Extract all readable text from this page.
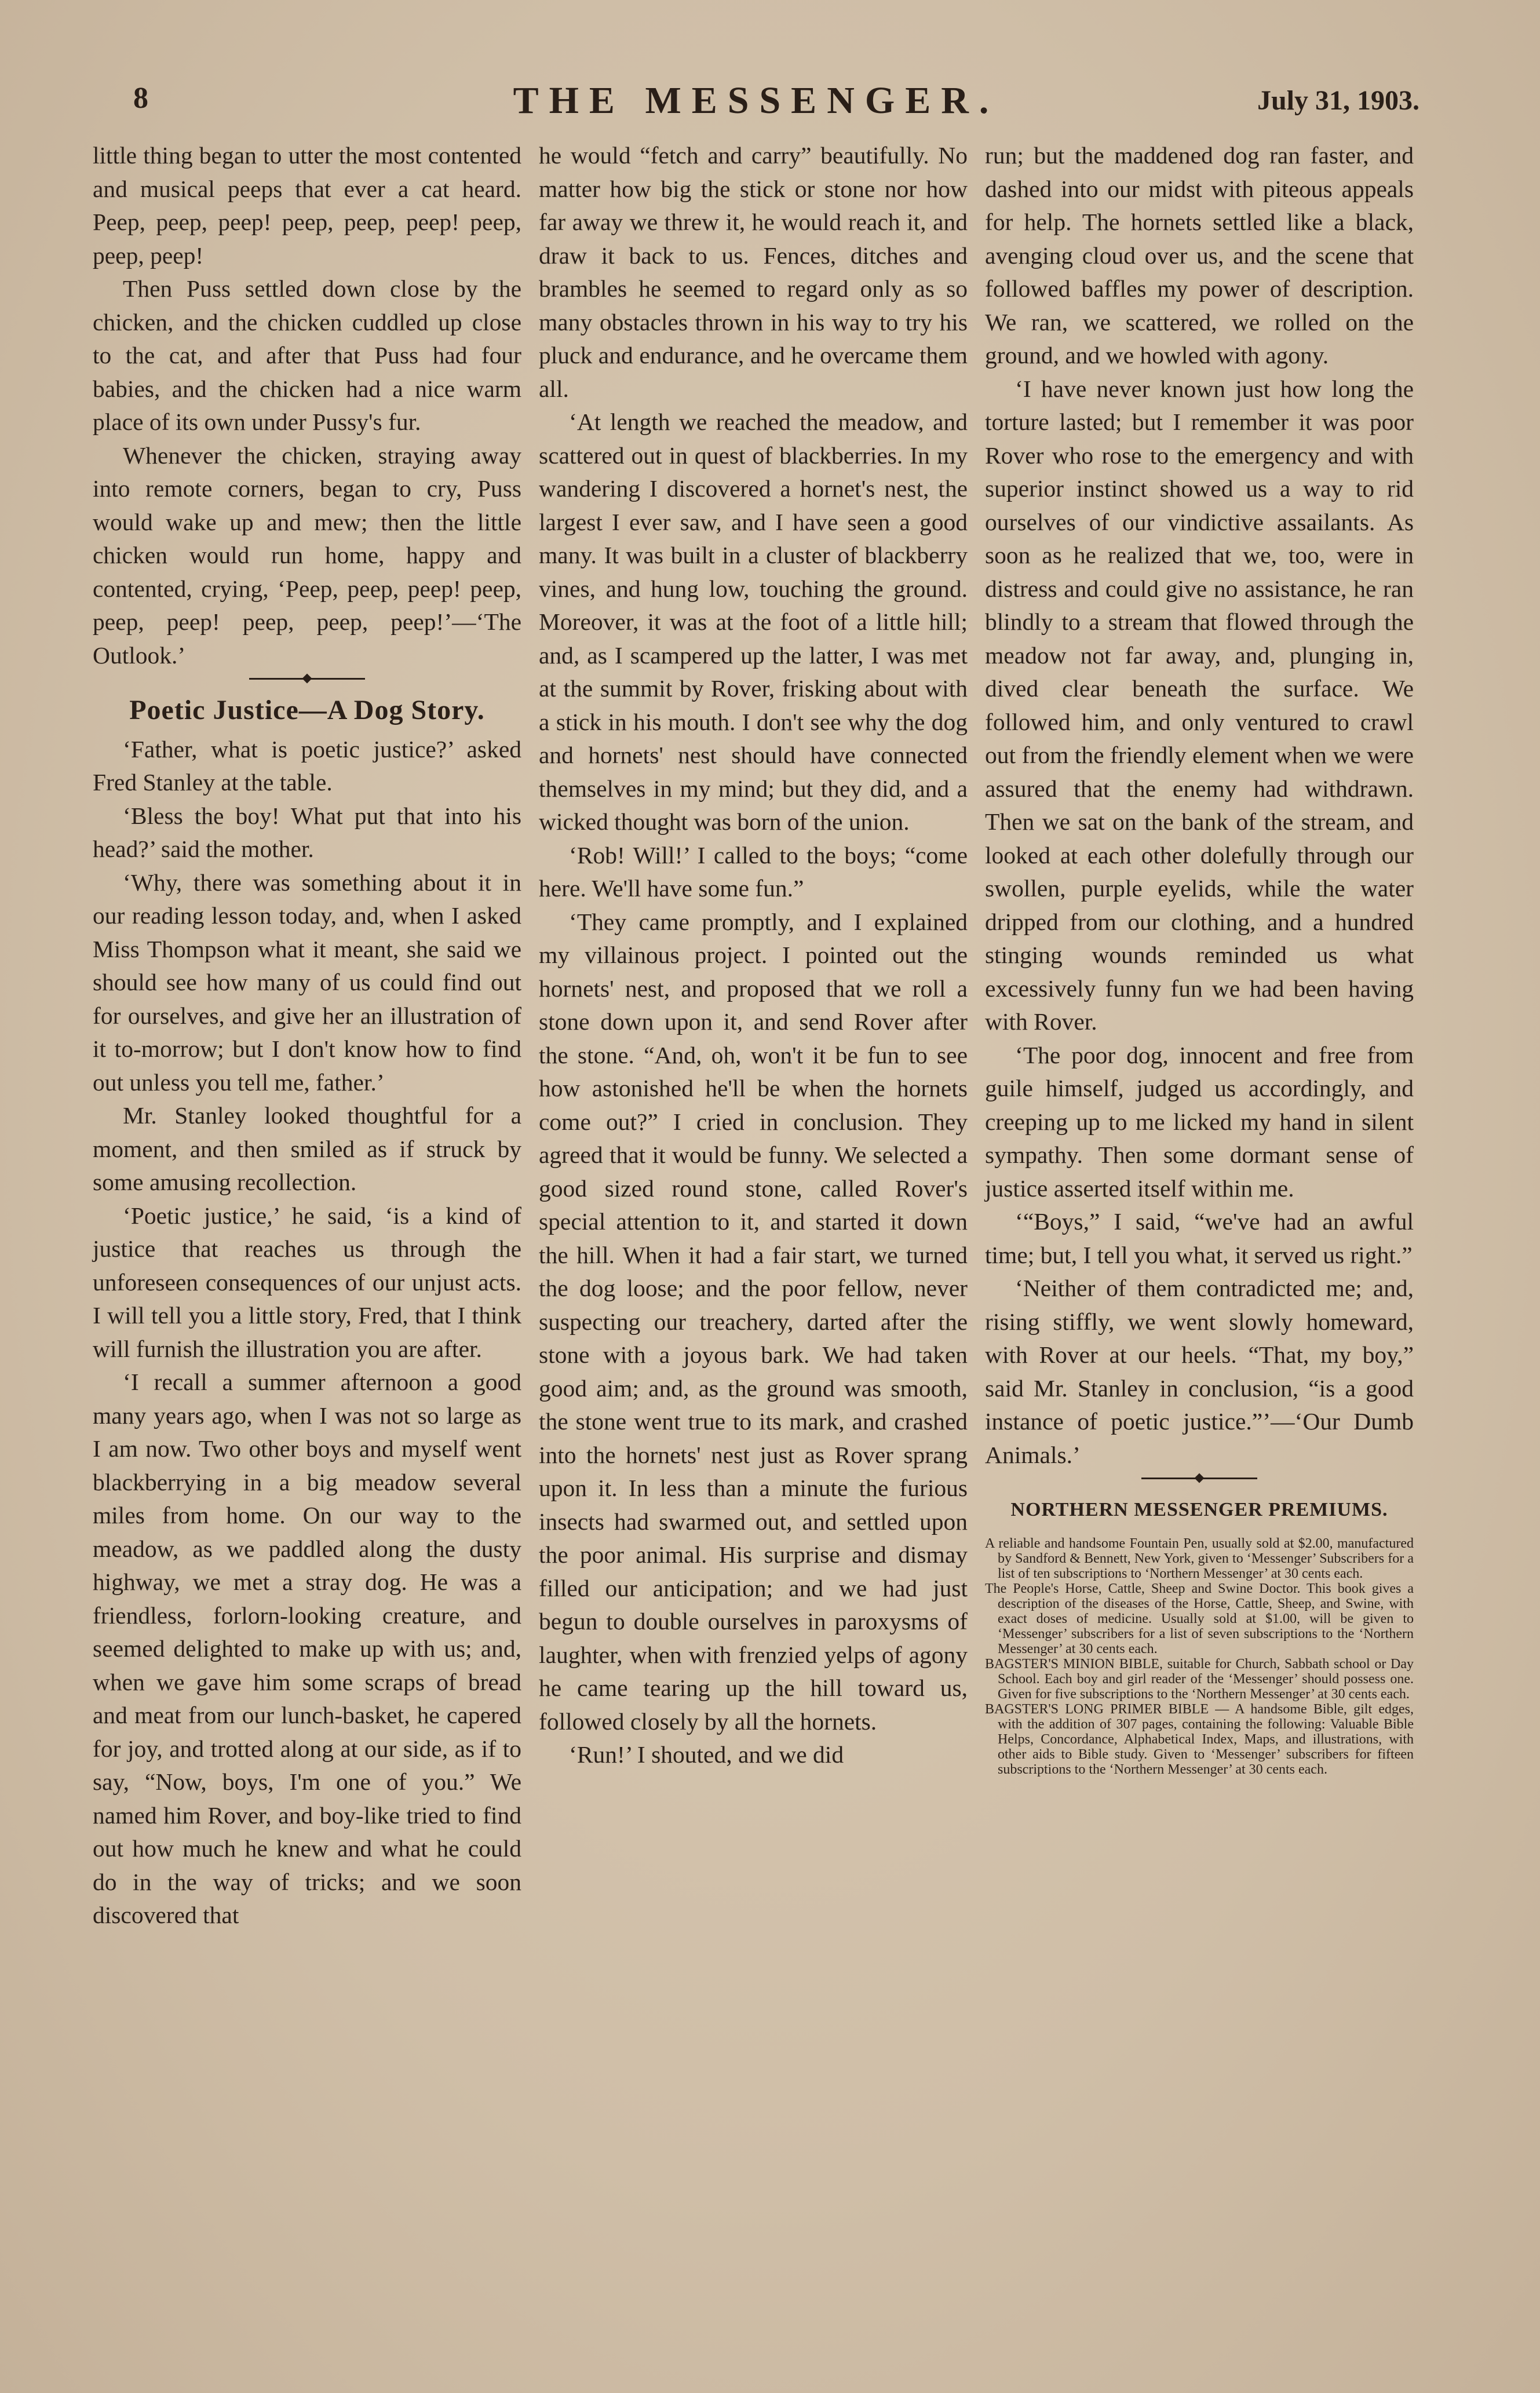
8	THE MESSENGER.	July 31, 1903.

little thing began to utter the most contented and musical peeps that ever a cat heard. Peep, peep, peep! peep, peep, peep! peep, peep, peep!

Then Puss settled down close by the chicken, and the chicken cuddled up close to the cat, and after that Puss had four babies, and the chicken had a nice warm place of its own under Pussy's fur.

Whenever the chicken, straying away into remote corners, began to cry, Puss would wake up and mew; then the little chicken would run home, happy and contented, crying, ‘Peep, peep, peep! peep, peep, peep! peep, peep, peep!’—‘The Outlook.’

Poetic Justice—A Dog Story.

‘Father, what is poetic justice?’ asked Fred Stanley at the table.

‘Bless the boy! What put that into his head?’ said the mother.

‘Why, there was something about it in our reading lesson today, and, when I asked Miss Thompson what it meant, she said we should see how many of us could find out for ourselves, and give her an illustration of it to-morrow; but I don't know how to find out unless you tell me, father.’

Mr. Stanley looked thoughtful for a moment, and then smiled as if struck by some amusing recollection.

‘Poetic justice,’ he said, ‘is a kind of justice that reaches us through the unforeseen consequences of our unjust acts. I will tell you a little story, Fred, that I think will furnish the illustration you are after.

‘I recall a summer afternoon a good many years ago, when I was not so large as I am now. Two other boys and myself went blackberrying in a big meadow several miles from home. On our way to the meadow, as we paddled along the dusty highway, we met a stray dog. He was a friendless, forlorn-looking creature, and seemed delighted to make up with us; and, when we gave him some scraps of bread and meat from our lunch-basket, he capered for joy, and trotted along at our side, as if to say, “Now, boys, I'm one of you.” We named him Rover, and boy-like tried to find out how much he knew and what he could do in the way of tricks; and we soon discovered that

he would “fetch and carry” beautifully. No matter how big the stick or stone nor how far away we threw it, he would reach it, and draw it back to us. Fences, ditches and brambles he seemed to regard only as so many obstacles thrown in his way to try his pluck and endurance, and he overcame them all.

‘At length we reached the meadow, and scattered out in quest of blackberries. In my wandering I discovered a hornet's nest, the largest I ever saw, and I have seen a good many. It was built in a cluster of blackberry vines, and hung low, touching the ground. Moreover, it was at the foot of a little hill; and, as I scampered up the latter, I was met at the summit by Rover, frisking about with a stick in his mouth. I don't see why the dog and hornets' nest should have connected themselves in my mind; but they did, and a wicked thought was born of the union.

‘Rob! Will!’ I called to the boys; “come here. We'll have some fun.”

‘They came promptly, and I explained my villainous project. I pointed out the hornets' nest, and proposed that we roll a stone down upon it, and send Rover after the stone. “And, oh, won't it be fun to see how astonished he'll be when the hornets come out?” I cried in conclusion. They agreed that it would be funny. We selected a good sized round stone, called Rover's special attention to it, and started it down the hill. When it had a fair start, we turned the dog loose; and the poor fellow, never suspecting our treachery, darted after the stone with a joyous bark. We had taken good aim; and, as the ground was smooth, the stone went true to its mark, and crashed into the hornets' nest just as Rover sprang upon it. In less than a minute the furious insects had swarmed out, and settled upon the poor animal. His surprise and dismay filled our anticipation; and we had just begun to double ourselves in paroxysms of laughter, when with frenzied yelps of agony he came tearing up the hill toward us, followed closely by all the hornets.

‘Run!’ I shouted, and we did

run; but the maddened dog ran faster, and dashed into our midst with piteous appeals for help. The hornets settled like a black, avenging cloud over us, and the scene that followed baffles my power of description. We ran, we scattered, we rolled on the ground, and we howled with agony.

‘I have never known just how long the torture lasted; but I remember it was poor Rover who rose to the emergency and with superior instinct showed us a way to rid ourselves of our vindictive assailants. As soon as he realized that we, too, were in distress and could give no assistance, he ran blindly to a stream that flowed through the meadow not far away, and, plunging in, dived clear beneath the surface. We followed him, and only ventured to crawl out from the friendly element when we were assured that the enemy had withdrawn. Then we sat on the bank of the stream, and looked at each other dolefully through our swollen, purple eyelids, while the water dripped from our clothing, and a hundred stinging wounds reminded us what excessively funny fun we had been having with Rover.

‘The poor dog, innocent and free from guile himself, judged us accordingly, and creeping up to me licked my hand in silent sympathy. Then some dormant sense of justice asserted itself within me.

‘“Boys,” I said, “we've had an awful time; but, I tell you what, it served us right.”

‘Neither of them contradicted me; and, rising stiffly, we went slowly homeward, with Rover at our heels. “That, my boy,” said Mr. Stanley in conclusion, “is a good instance of poetic justice.”’—‘Our Dumb Animals.’

NORTHERN MESSENGER PREMIUMS.

A reliable and handsome Fountain Pen, usually sold at $2.00, manufactured by Sandford & Bennett, New York, given to ‘Messenger’ Subscribers for a list of ten subscriptions to ‘Northern Messenger’ at 30 cents each.

The People's Horse, Cattle, Sheep and Swine Doctor. This book gives a description of the diseases of the Horse, Cattle, Sheep, and Swine, with exact doses of medicine. Usually sold at $1.00, will be given to ‘Messenger’ subscribers for a list of seven subscriptions to the ‘Northern Messenger’ at 30 cents each.

BAGSTER'S MINION BIBLE, suitable for Church, Sabbath school or Day School. Each boy and girl reader of the ‘Messenger’ should possess one. Given for five subscriptions to the ‘Northern Messenger’ at 30 cents each.

BAGSTER'S LONG PRIMER BIBLE — A handsome Bible, gilt edges, with the addition of 307 pages, containing the following: Valuable Bible Helps, Concordance, Alphabetical Index, Maps, and illustrations, with other aids to Bible study. Given to ‘Messenger’ subscribers for fifteen subscriptions to the ‘Northern Messenger’ at 30 cents each.
